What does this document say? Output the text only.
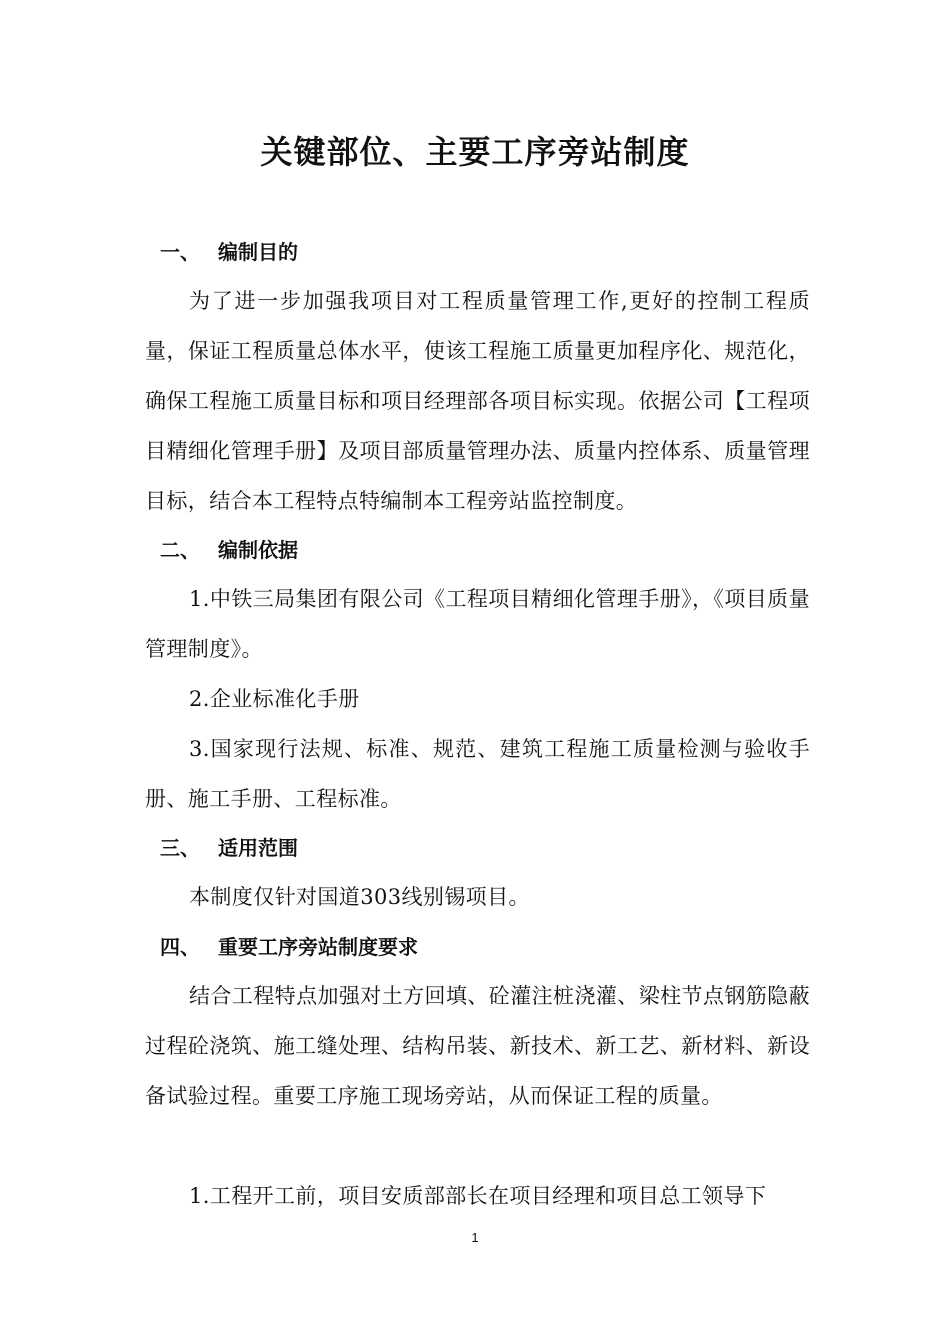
关键部位、主要工序旁站制度
一、 编制目的
为了进一步加强我项目对工程质量管理工作,更好的控制工程质量，保证工程质量总体水平，使该工程施工质量更加程序化、规范化，确保工程施工质量目标和项目经理部各项目标实现。依据公司【工程项目精细化管理手册】及项目部质量管理办法、质量内控体系、质量管理目标，结合本工程特点特编制本工程旁站监控制度。
二、 编制依据
1.中铁三局集团有限公司《工程项目精细化管理手册》，《项目质量管理制度》。
2.企业标准化手册
3.国家现行法规、标准、规范、建筑工程施工质量检测与验收手册、施工手册、工程标准。
三、 适用范围
本制度仅针对国道303线别锡项目。
四、 重要工序旁站制度要求
结合工程特点加强对土方回填、砼灌注桩浇灌、梁柱节点钢筋隐蔽过程砼浇筑、施工缝处理、结构吊装、新技术、新工艺、新材料、新设备试验过程。重要工序施工现场旁站，从而保证工程的质量。
1.工程开工前，项目安质部部长在项目经理和项目总工领导下
1
